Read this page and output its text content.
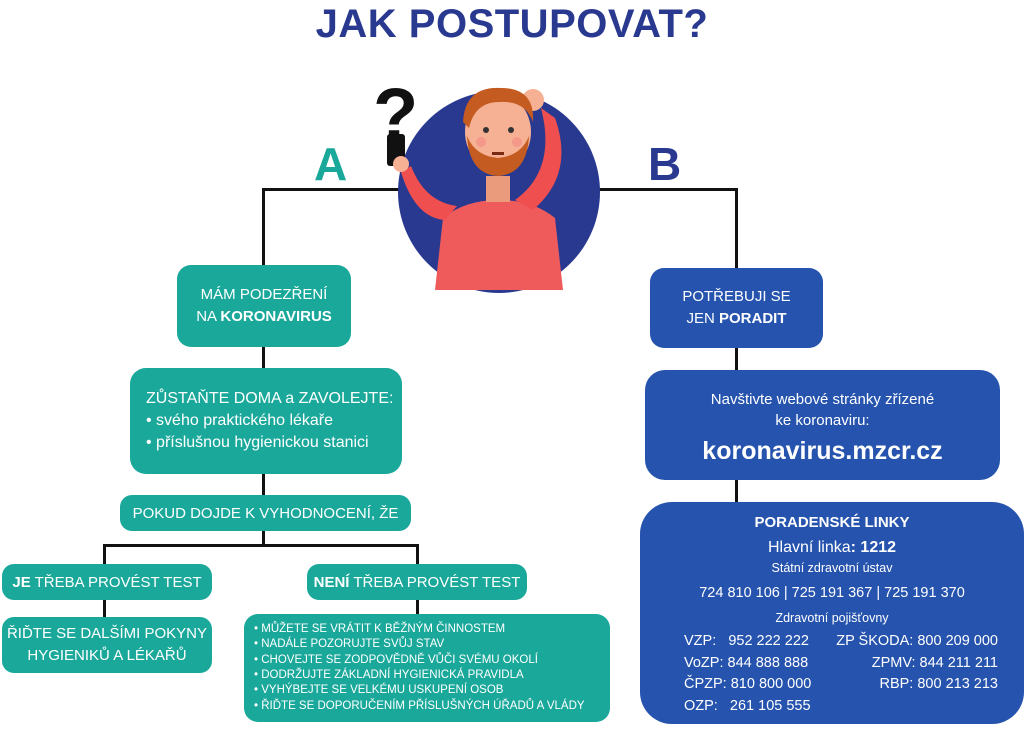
JAK POSTUPOVAT?
A	B
?
MÁM PODEZŘENÍ
NA KORONAVIRUS
ZŮSTAŇTE DOMA a ZAVOLEJTE:
• svého praktického lékaře
• příslušnou hygienickou stanici
POKUD DOJDE K VYHODNOCENÍ, ŽE
JE TŘEBA PROVÉST TEST	NENÍ TŘEBA PROVÉST TEST
ŘIĎTE SE DALŠÍMI POKYNY
HYGIENIKŮ A LÉKAŘŮ
• MŮŽETE SE VRÁTIT K BĚŽNÝM ČINNOSTEM
• NADÁLE POZORUJTE SVŮJ STAV
• CHOVEJTE SE ZODPOVĚDNĚ VŮČI SVÉMU OKOLÍ
• DODRŽUJTE ZÁKLADNÍ HYGIENICKÁ PRAVIDLA
• VYHÝBEJTE SE VELKÉMU USKUPENÍ OSOB
• ŘIĎTE SE DOPORUČENÍM PŘÍSLUŠNÝCH ÚŘADŮ A VLÁDY
POTŘEBUJI SE
JEN PORADIT
Navštivte webové stránky zřízené
ke koronaviru:
koronavirus.mzcr.cz
PORADENSKÉ LINKY
Hlavní linka: 1212
Státní zdravotní ústav
724 810 106 | 725 191 367 | 725 191 370
Zdravotní pojišťovny
VZP:   952 222 222
VoZP: 844 888 888
ČPZP: 810 800 000
OZP:   261 105 555
ZP ŠKODA: 800 209 000
ZPMV: 844 211 211
RBP: 800 213 213
